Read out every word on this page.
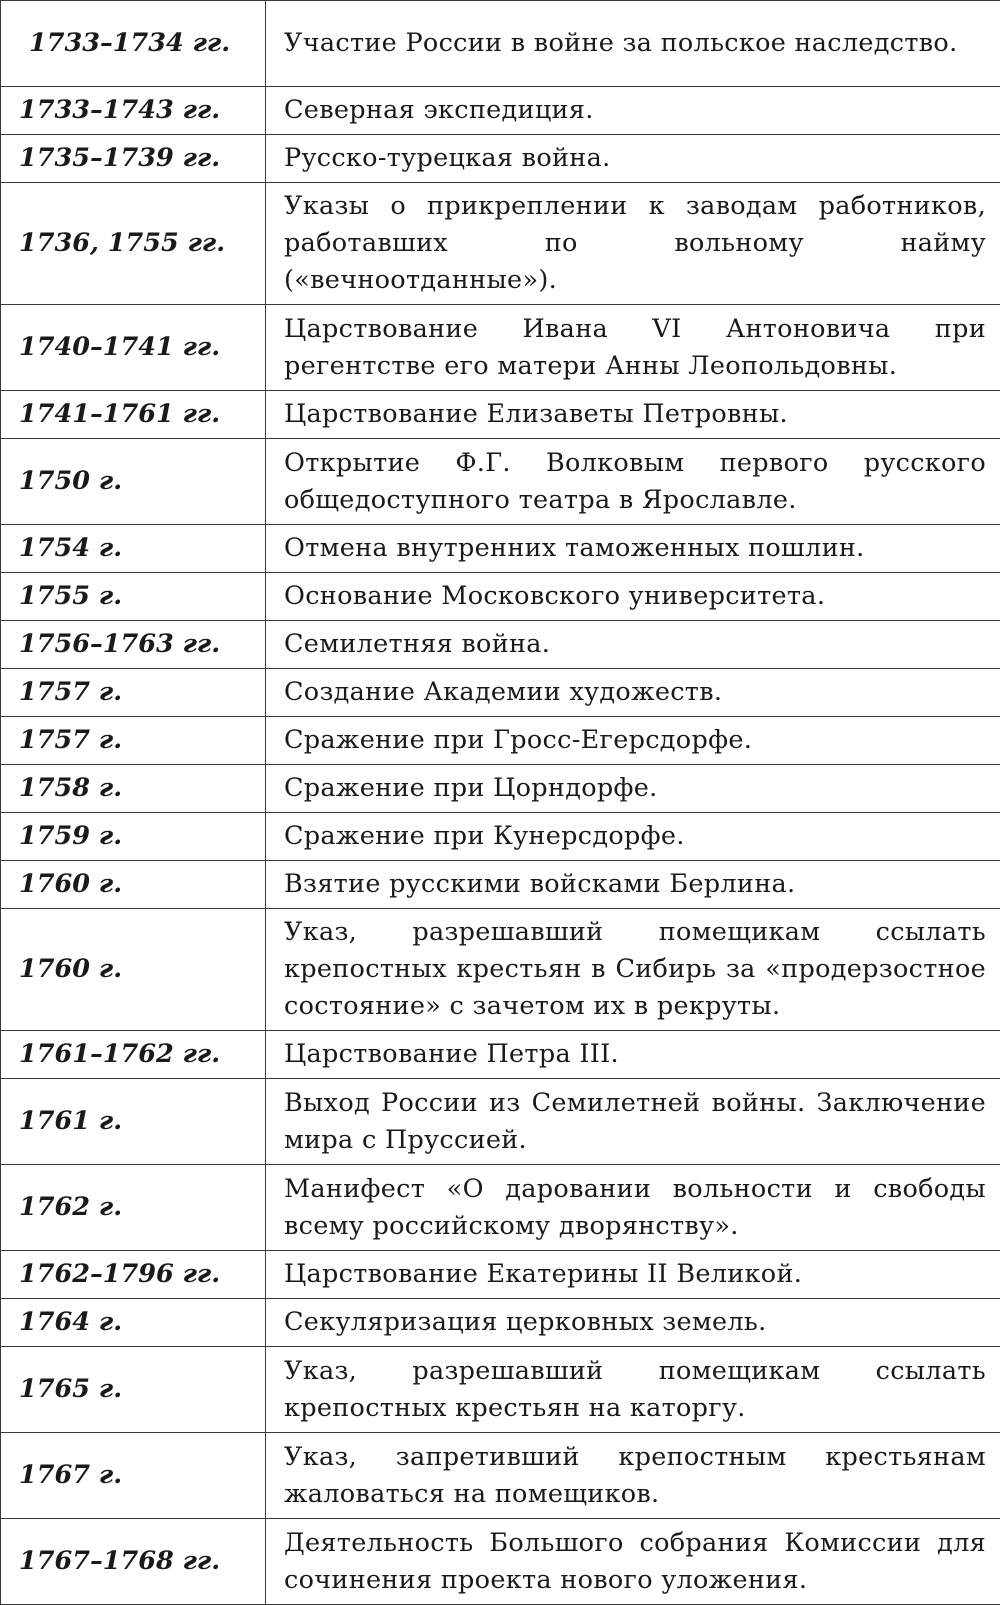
1733–1734 гг.	Участие России в войне за польское наследство.
1733–1743 гг.	Северная экспедиция.
1735–1739 гг.	Русско-турецкая война.
1736, 1755 гг.	Указы о прикреплении к заводам работников, работавших по вольному найму («вечноотданные»).
1740–1741 гг.	Царствование Ивана VI Антоновича при регентстве его матери Анны Леопольдовны.
1741–1761 гг.	Царствование Елизаветы Петровны.
1750 г.	Открытие Ф.Г. Волковым первого русского общедоступного театра в Ярославле.
1754 г.	Отмена внутренних таможенных пошлин.
1755 г.	Основание Московского университета.
1756–1763 гг.	Семилетняя война.
1757 г.	Создание Академии художеств.
1757 г.	Сражение при Гросс-Егерсдорфе.
1758 г.	Сражение при Цорндорфе.
1759 г.	Сражение при Кунерсдорфе.
1760 г.	Взятие русскими войсками Берлина.
1760 г.	Указ, разрешавший помещикам ссылать крепостных крестьян в Сибирь за «продерзостное состояние» с зачетом их в рекруты.
1761–1762 гг.	Царствование Петра III.
1761 г.	Выход России из Семилетней войны. Заключение мира с Пруссией.
1762 г.	Манифест «О даровании вольности и свободы всему российскому дворянству».
1762–1796 гг.	Царствование Екатерины II Великой.
1764 г.	Секуляризация церковных земель.
1765 г.	Указ, разрешавший помещикам ссылать крепостных крестьян на каторгу.
1767 г.	Указ, запретивший крепостным крестьянам жаловаться на помещиков.
1767–1768 гг.	Деятельность Большого собрания Комиссии для сочинения проекта нового уложения.
